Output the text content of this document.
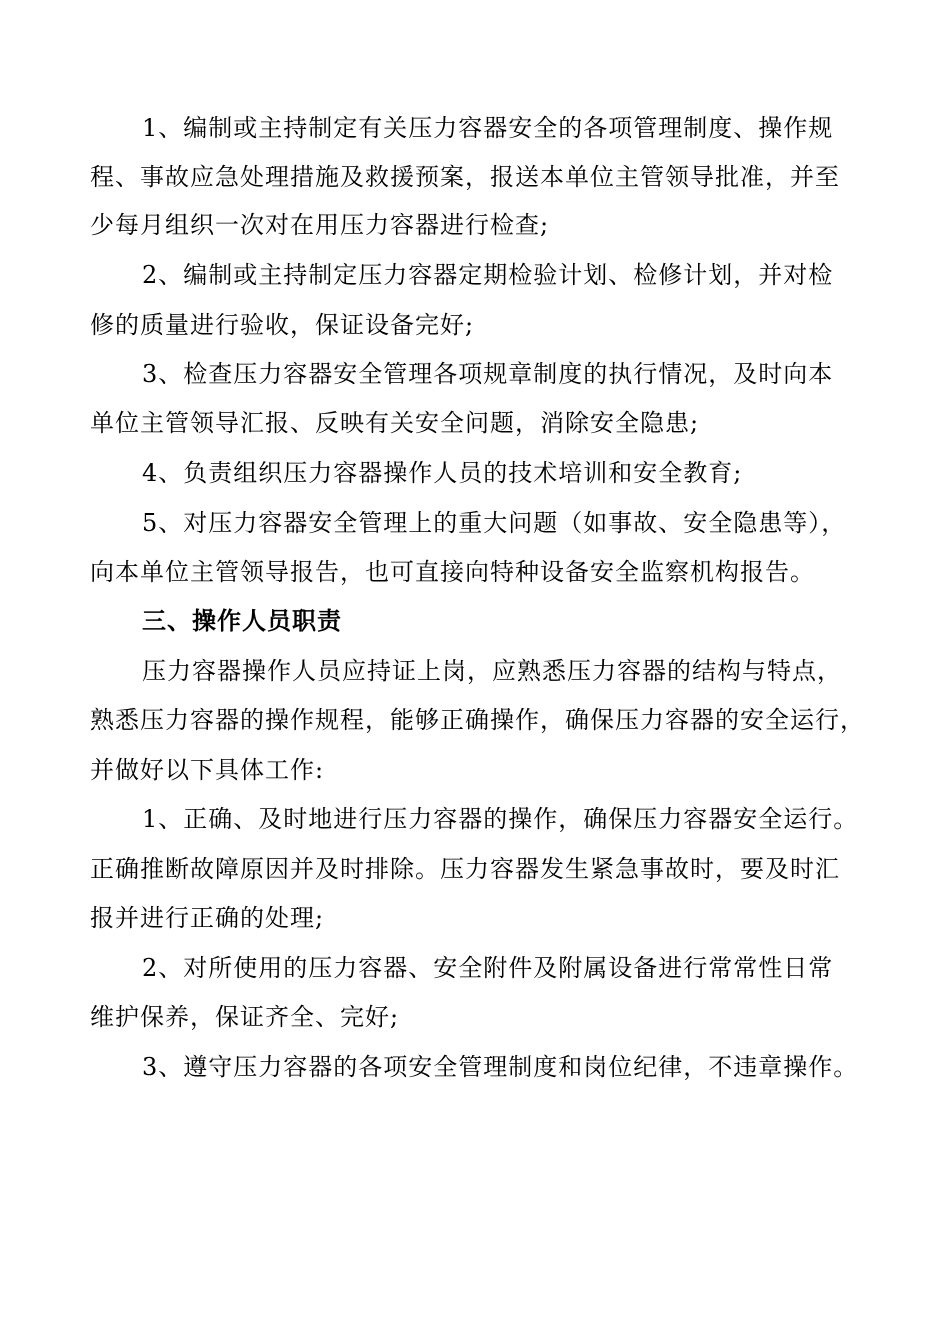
1、编制或主持制定有关压力容器安全的各项管理制度、操作规
程、事故应急处理措施及救援预案，报送本单位主管领导批准，并至
少每月组织一次对在用压力容器进行检查;
2、编制或主持制定压力容器定期检验计划、检修计划，并对检
修的质量进行验收，保证设备完好;
3、检查压力容器安全管理各项规章制度的执行情况，及时向本
单位主管领导汇报、反映有关安全问题，消除安全隐患;
4、负责组织压力容器操作人员的技术培训和安全教育;
5、对压力容器安全管理上的重大问题（如事故、安全隐患等），
向本单位主管领导报告，也可直接向特种设备安全监察机构报告。
三、操作人员职责
压力容器操作人员应持证上岗，应熟悉压力容器的结构与特点，
熟悉压力容器的操作规程，能够正确操作，确保压力容器的安全运行，
并做好以下具体工作:
1、正确、及时地进行压力容器的操作，确保压力容器安全运行。
正确推断故障原因并及时排除。压力容器发生紧急事故时，要及时汇
报并进行正确的处理;
2、对所使用的压力容器、安全附件及附属设备进行常常性日常
维护保养，保证齐全、完好;
3、遵守压力容器的各项安全管理制度和岗位纪律，不违章操作。
